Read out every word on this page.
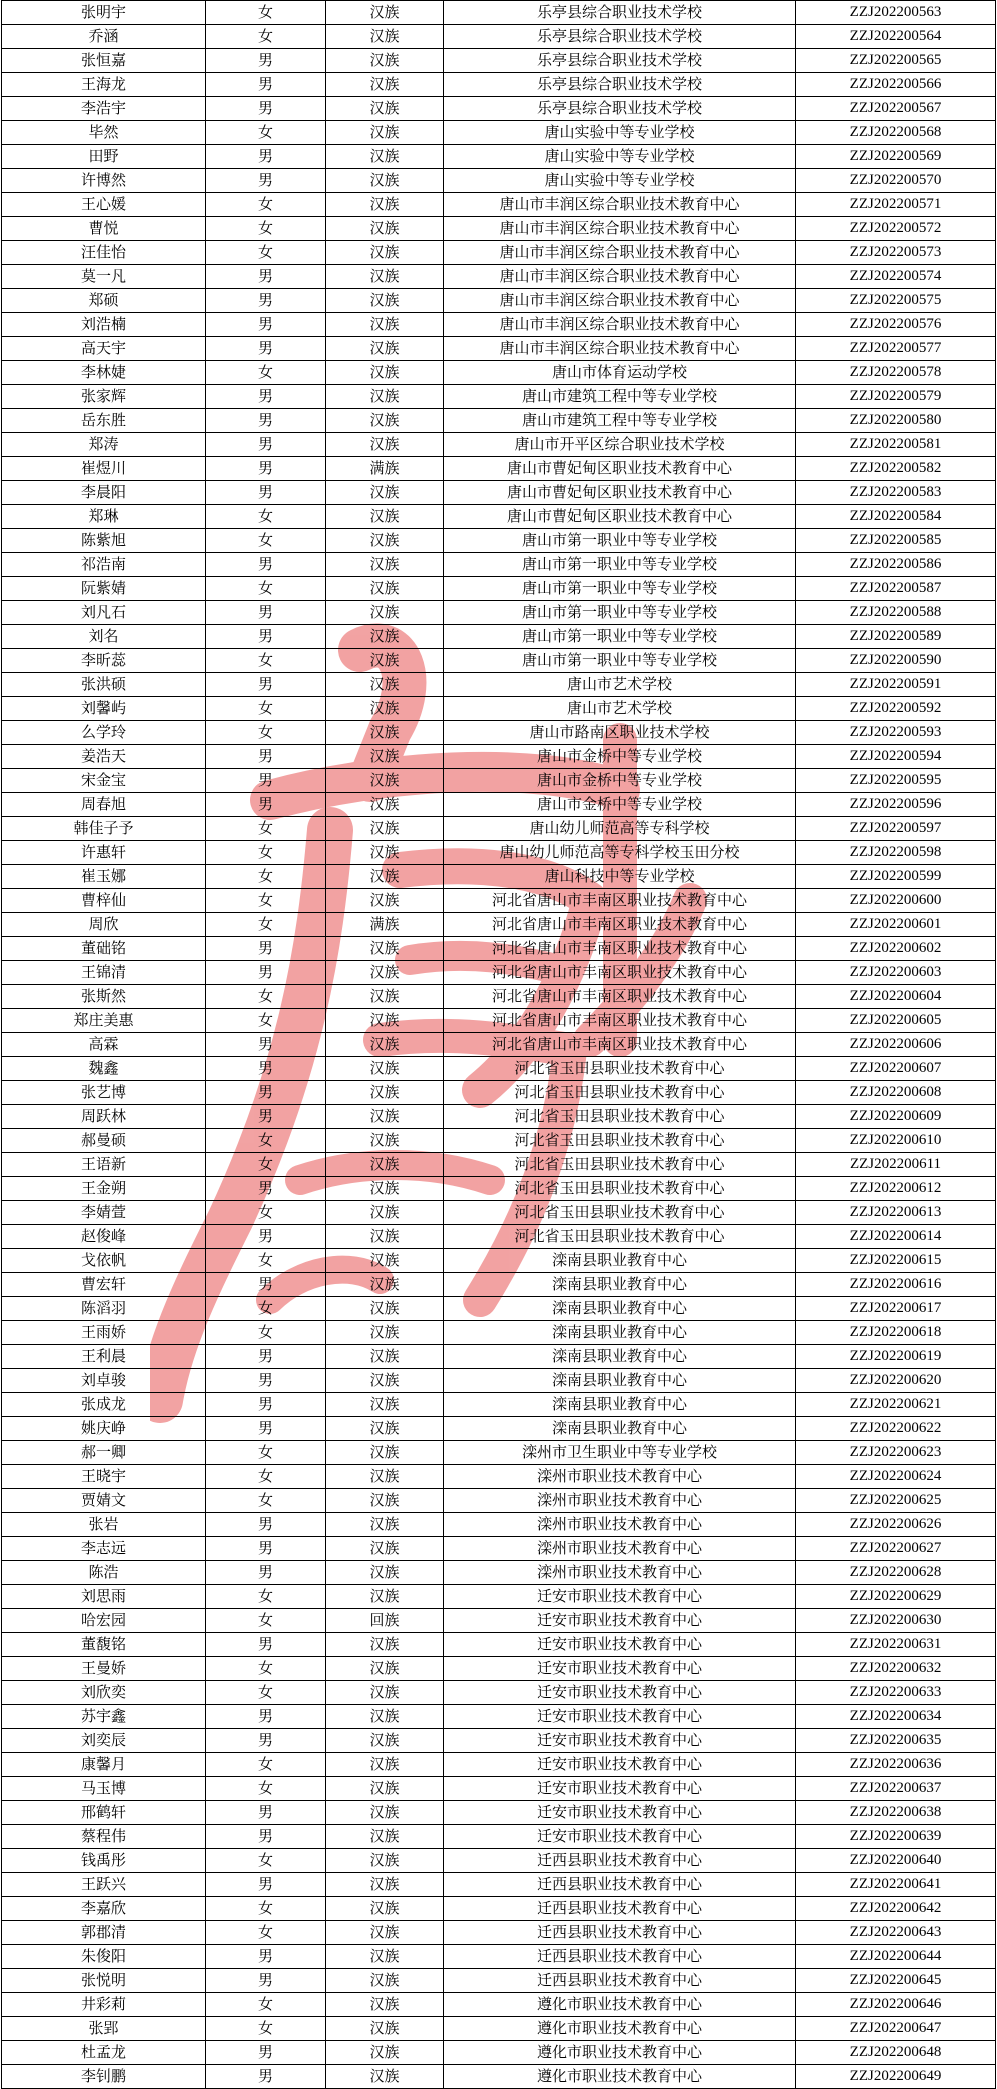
张明宇	女	汉族	乐亭县综合职业技术学校	ZZJ202200563
乔涵	女	汉族	乐亭县综合职业技术学校	ZZJ202200564
张恒嘉	男	汉族	乐亭县综合职业技术学校	ZZJ202200565
王海龙	男	汉族	乐亭县综合职业技术学校	ZZJ202200566
李浩宇	男	汉族	乐亭县综合职业技术学校	ZZJ202200567
毕然	女	汉族	唐山实验中等专业学校	ZZJ202200568
田野	男	汉族	唐山实验中等专业学校	ZZJ202200569
许博然	男	汉族	唐山实验中等专业学校	ZZJ202200570
王心媛	女	汉族	唐山市丰润区综合职业技术教育中心	ZZJ202200571
曹悦	女	汉族	唐山市丰润区综合职业技术教育中心	ZZJ202200572
汪佳怡	女	汉族	唐山市丰润区综合职业技术教育中心	ZZJ202200573
莫一凡	男	汉族	唐山市丰润区综合职业技术教育中心	ZZJ202200574
郑硕	男	汉族	唐山市丰润区综合职业技术教育中心	ZZJ202200575
刘浩楠	男	汉族	唐山市丰润区综合职业技术教育中心	ZZJ202200576
高天宇	男	汉族	唐山市丰润区综合职业技术教育中心	ZZJ202200577
李林婕	女	汉族	唐山市体育运动学校	ZZJ202200578
张家辉	男	汉族	唐山市建筑工程中等专业学校	ZZJ202200579
岳东胜	男	汉族	唐山市建筑工程中等专业学校	ZZJ202200580
郑涛	男	汉族	唐山市开平区综合职业技术学校	ZZJ202200581
崔煜川	男	满族	唐山市曹妃甸区职业技术教育中心	ZZJ202200582
李晨阳	男	汉族	唐山市曹妃甸区职业技术教育中心	ZZJ202200583
郑琳	女	汉族	唐山市曹妃甸区职业技术教育中心	ZZJ202200584
陈紫旭	女	汉族	唐山市第一职业中等专业学校	ZZJ202200585
祁浩南	男	汉族	唐山市第一职业中等专业学校	ZZJ202200586
阮紫婧	女	汉族	唐山市第一职业中等专业学校	ZZJ202200587
刘凡石	男	汉族	唐山市第一职业中等专业学校	ZZJ202200588
刘名	男	汉族	唐山市第一职业中等专业学校	ZZJ202200589
李昕蕊	女	汉族	唐山市第一职业中等专业学校	ZZJ202200590
张洪硕	男	汉族	唐山市艺术学校	ZZJ202200591
刘馨屿	女	汉族	唐山市艺术学校	ZZJ202200592
么学玲	女	汉族	唐山市路南区职业技术学校	ZZJ202200593
姜浩天	男	汉族	唐山市金桥中等专业学校	ZZJ202200594
宋金宝	男	汉族	唐山市金桥中等专业学校	ZZJ202200595
周春旭	男	汉族	唐山市金桥中等专业学校	ZZJ202200596
韩佳子予	女	汉族	唐山幼儿师范高等专科学校	ZZJ202200597
许惠轩	女	汉族	唐山幼儿师范高等专科学校玉田分校	ZZJ202200598
崔玉娜	女	汉族	唐山科技中等专业学校	ZZJ202200599
曹梓仙	女	汉族	河北省唐山市丰南区职业技术教育中心	ZZJ202200600
周欣	女	满族	河北省唐山市丰南区职业技术教育中心	ZZJ202200601
董础铭	男	汉族	河北省唐山市丰南区职业技术教育中心	ZZJ202200602
王锦清	男	汉族	河北省唐山市丰南区职业技术教育中心	ZZJ202200603
张斯然	女	汉族	河北省唐山市丰南区职业技术教育中心	ZZJ202200604
郑庄美惠	女	汉族	河北省唐山市丰南区职业技术教育中心	ZZJ202200605
高霖	男	汉族	河北省唐山市丰南区职业技术教育中心	ZZJ202200606
魏鑫	男	汉族	河北省玉田县职业技术教育中心	ZZJ202200607
张艺博	男	汉族	河北省玉田县职业技术教育中心	ZZJ202200608
周跃林	男	汉族	河北省玉田县职业技术教育中心	ZZJ202200609
郝曼硕	女	汉族	河北省玉田县职业技术教育中心	ZZJ202200610
王语新	女	汉族	河北省玉田县职业技术教育中心	ZZJ202200611
王金朔	男	汉族	河北省玉田县职业技术教育中心	ZZJ202200612
李婧萱	女	汉族	河北省玉田县职业技术教育中心	ZZJ202200613
赵俊峰	男	汉族	河北省玉田县职业技术教育中心	ZZJ202200614
戈依帆	女	汉族	滦南县职业教育中心	ZZJ202200615
曹宏轩	男	汉族	滦南县职业教育中心	ZZJ202200616
陈滔羽	女	汉族	滦南县职业教育中心	ZZJ202200617
王雨娇	女	汉族	滦南县职业教育中心	ZZJ202200618
王利晨	男	汉族	滦南县职业教育中心	ZZJ202200619
刘卓骏	男	汉族	滦南县职业教育中心	ZZJ202200620
张成龙	男	汉族	滦南县职业教育中心	ZZJ202200621
姚庆峥	男	汉族	滦南县职业教育中心	ZZJ202200622
郝一卿	女	汉族	滦州市卫生职业中等专业学校	ZZJ202200623
王晓宇	女	汉族	滦州市职业技术教育中心	ZZJ202200624
贾婧文	女	汉族	滦州市职业技术教育中心	ZZJ202200625
张岩	男	汉族	滦州市职业技术教育中心	ZZJ202200626
李志远	男	汉族	滦州市职业技术教育中心	ZZJ202200627
陈浩	男	汉族	滦州市职业技术教育中心	ZZJ202200628
刘思雨	女	汉族	迁安市职业技术教育中心	ZZJ202200629
哈宏园	女	回族	迁安市职业技术教育中心	ZZJ202200630
董馥铭	男	汉族	迁安市职业技术教育中心	ZZJ202200631
王曼娇	女	汉族	迁安市职业技术教育中心	ZZJ202200632
刘欣奕	女	汉族	迁安市职业技术教育中心	ZZJ202200633
苏宇鑫	男	汉族	迁安市职业技术教育中心	ZZJ202200634
刘奕辰	男	汉族	迁安市职业技术教育中心	ZZJ202200635
康馨月	女	汉族	迁安市职业技术教育中心	ZZJ202200636
马玉博	女	汉族	迁安市职业技术教育中心	ZZJ202200637
邢鹤轩	男	汉族	迁安市职业技术教育中心	ZZJ202200638
蔡程伟	男	汉族	迁安市职业技术教育中心	ZZJ202200639
钱禹彤	女	汉族	迁西县职业技术教育中心	ZZJ202200640
王跃兴	男	汉族	迁西县职业技术教育中心	ZZJ202200641
李嘉欣	女	汉族	迁西县职业技术教育中心	ZZJ202200642
郭郡清	女	汉族	迁西县职业技术教育中心	ZZJ202200643
朱俊阳	男	汉族	迁西县职业技术教育中心	ZZJ202200644
张悦明	男	汉族	迁西县职业技术教育中心	ZZJ202200645
井彩莉	女	汉族	遵化市职业技术教育中心	ZZJ202200646
张郢	女	汉族	遵化市职业技术教育中心	ZZJ202200647
杜孟龙	男	汉族	遵化市职业技术教育中心	ZZJ202200648
李钊鹏	男	汉族	遵化市职业技术教育中心	ZZJ202200649
